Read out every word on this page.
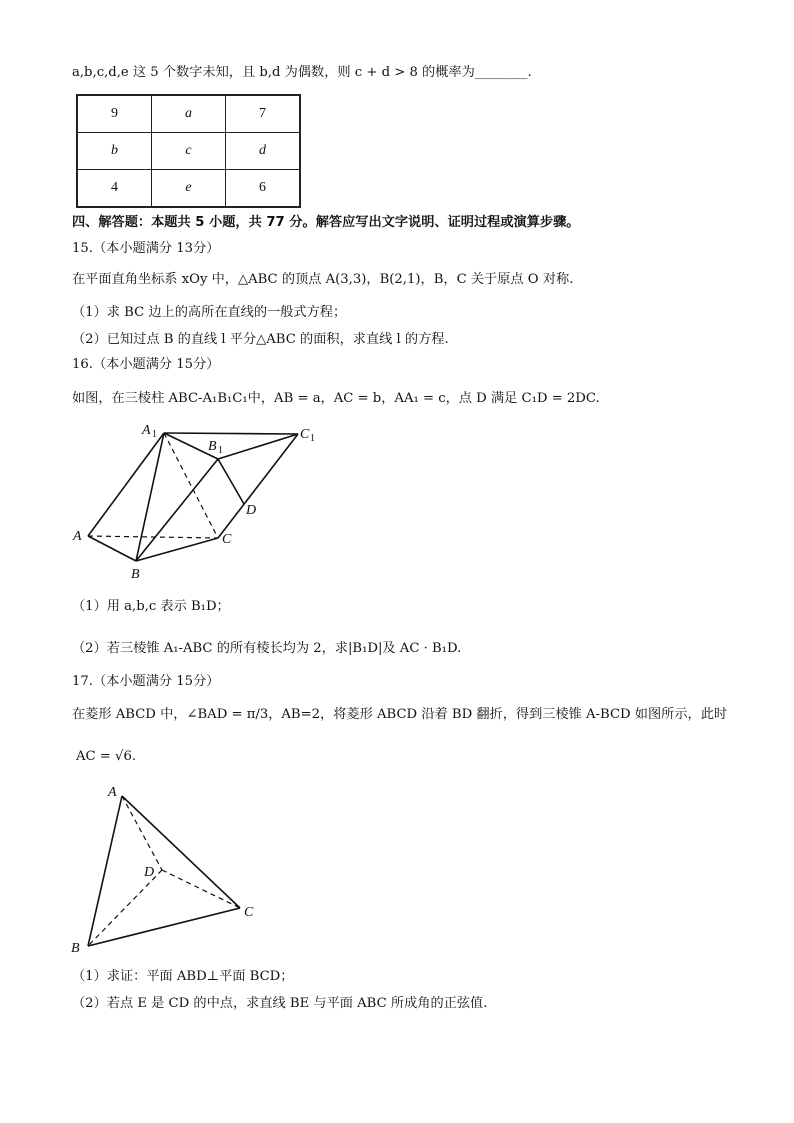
a,b,c,d,e 这 5 个数字未知，且 b,d 为偶数，则 c + d > 8 的概率为________.
9	a	7
b	c	d
4	e	6
四、解答题：本题共 5 小题，共 77 分。解答应写出文字说明、证明过程或演算步骤。
15.（本小题满分 13分）
在平面直角坐标系 xOy 中，△ABC 的顶点 A(3,3)，B(2,1)，B，C 关于原点 O 对称.
（1）求 BC 边上的高所在直线的一般式方程；
（2）已知过点 B 的直线 l 平分△ABC 的面积，求直线 l 的方程.
16.（本小题满分 15分）
如图，在三棱柱 ABC-A₁B₁C₁中，AB = a，AC = b，AA₁ = c，点 D 满足 C₁D = 2DC.
A 1
B 1
C 1
A
B
C
D
（1）用 a,b,c 表示 B₁D；
（2）若三棱锥 A₁-ABC 的所有棱长均为 2，求|B₁D|及 AC · B₁D.
17.（本小题满分 15分）
在菱形 ABCD 中，∠BAD = π/3，AB=2，将菱形 ABCD 沿着 BD 翻折，得到三棱锥 A-BCD 如图所示，此时
AC = √6.
A
B
C
D
（1）求证：平面 ABD⊥平面 BCD；
（2）若点 E 是 CD 的中点，求直线 BE 与平面 ABC 所成角的正弦值.
